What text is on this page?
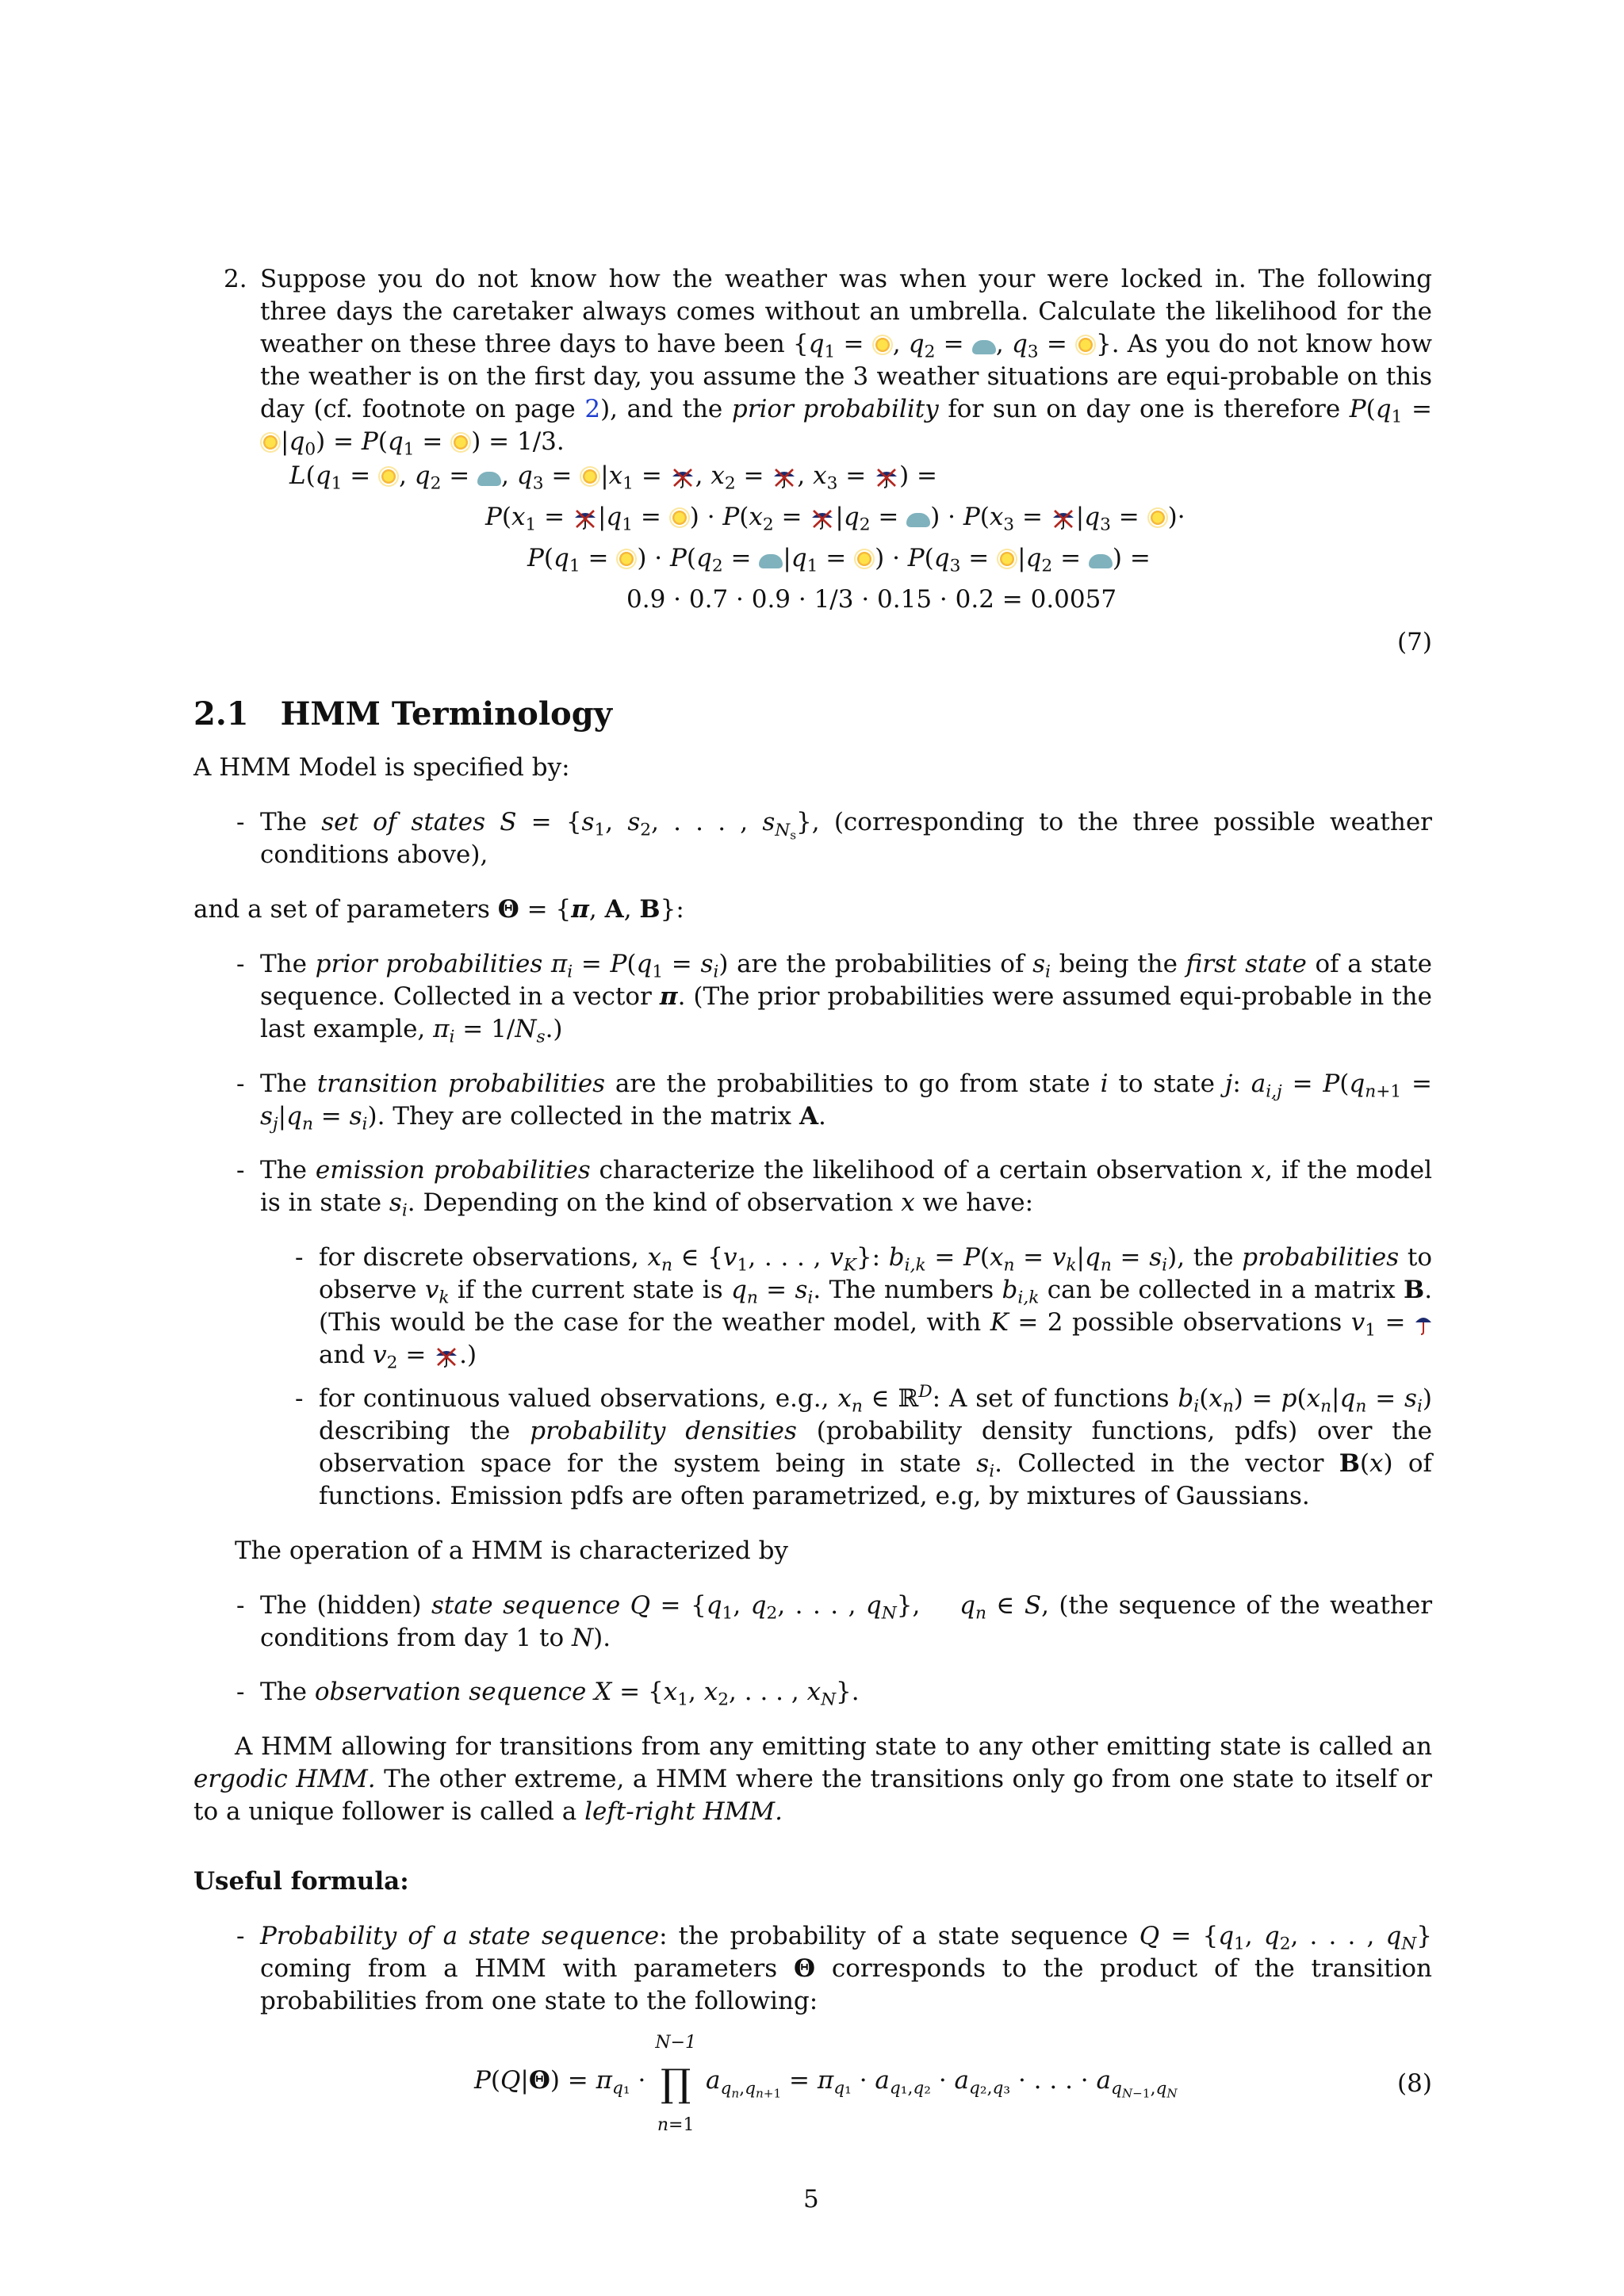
2. Suppose you do not know how the weather was when your were locked in. The following three days the caretaker always comes without an umbrella. Calculate the likelihood for the weather on these three days to have been {$q_1$ = , $q_2$ = , $q_3$ = }. As you do not know how the weather is on the first day, you assume the 3 weather situations are equi-probable on this day (cf. footnote on page 2), and the prior probability for sun on day one is therefore $P(q_1 = |q_0) = P(q_1$ = ) = 1/3.
$L(q_1$ = , $q_2$ = , $q_3 = |x_1$ = , $x_2$ = , $x_3$ = ) =
$P(x_1 = |q_1$ = ) · $P(x_2 = |q_2$ = ) · $P(x_3 = |q_3$ = )·
$P(q_1$ = ) · $P(q_2 = |q_1$ = ) · $P(q_3 = |q_2$ = ) =
0.9 · 0.7 · 0.9 · 1/3 · 0.15 · 0.2 = 0.0057
(7)
2.1 HMM Terminology
A HMM Model is specified by:
- The set of states $S = \{s_1$, $s_2$, . . . , $s_{N_s}$}, (corresponding to the three possible weather conditions above),
and a set of parameters Θ = {π, A, B}:
- The prior probabilities $\pi_i = P(q_1 = s_i)$ are the probabilities of $s_i$ being the first state of a state sequence. Collected in a vector π. (The prior probabilities were assumed equi-probable in the last example, $\pi_i = 1/N_s$.)
- The transition probabilities are the probabilities to go from state i to state j: $a_{i,j} = P(q_{n+1} = s_j|q_n = s_i)$. They are collected in the matrix A.
- The emission probabilities characterize the likelihood of a certain observation x, if the model is in state $s_i$. Depending on the kind of observation x we have:
- for discrete observations, $x_n$ ∈ {$v_1$, . . . , $v_K$}: $b_{i,k} = P(x_n = v_k|q_n = s_i)$, the probabilities to observe $v_k$ if the current state is $q_n = s_i$. The numbers $b_{i,k}$ can be collected in a matrix B. (This would be the case for the weather model, with K = 2 possible observations $v_1$ =  and $v_2$ = .)
- for continuous valued observations, e.g., $x_n$ ∈ ℝ$^D$: A set of functions $b_i(x_n) = p(x_n|q_n = s_i)$ describing the probability densities (probability density functions, pdfs) over the observation space for the system being in state $s_i$. Collected in the vector B(x) of functions. Emission pdfs are often parametrized, e.g, by mixtures of Gaussians.
The operation of a HMM is characterized by
- The (hidden) state sequence $Q = \{q_1$, $q_2$, . . . , $q_N$},    $q_n$ ∈ S, (the sequence of the weather conditions from day 1 to N).
- The observation sequence $X = \{x_1$, $x_2$, . . . , $x_N$}.
A HMM allowing for transitions from any emitting state to any other emitting state is called an ergodic HMM. The other extreme, a HMM where the transitions only go from one state to itself or to a unique follower is called a left-right HMM.
Useful formula:
- Probability of a state sequence: the probability of a state sequence $Q = \{q_1$, $q_2$, . . . , $q_N$} coming from a HMM with parameters Θ corresponds to the product of the transition probabilities from one state to the following:
$P(Q|\Theta) = \pi_{q_1}$ ·
N−1
∏
n=1
$a_{q_n,q_{n+1}} = \pi_{q_1} \cdot a_{q_1,q_2} \cdot a_{q_2,q_3}$ · . . . · $a_{q_{N-1},q_N}$	(8)
5
